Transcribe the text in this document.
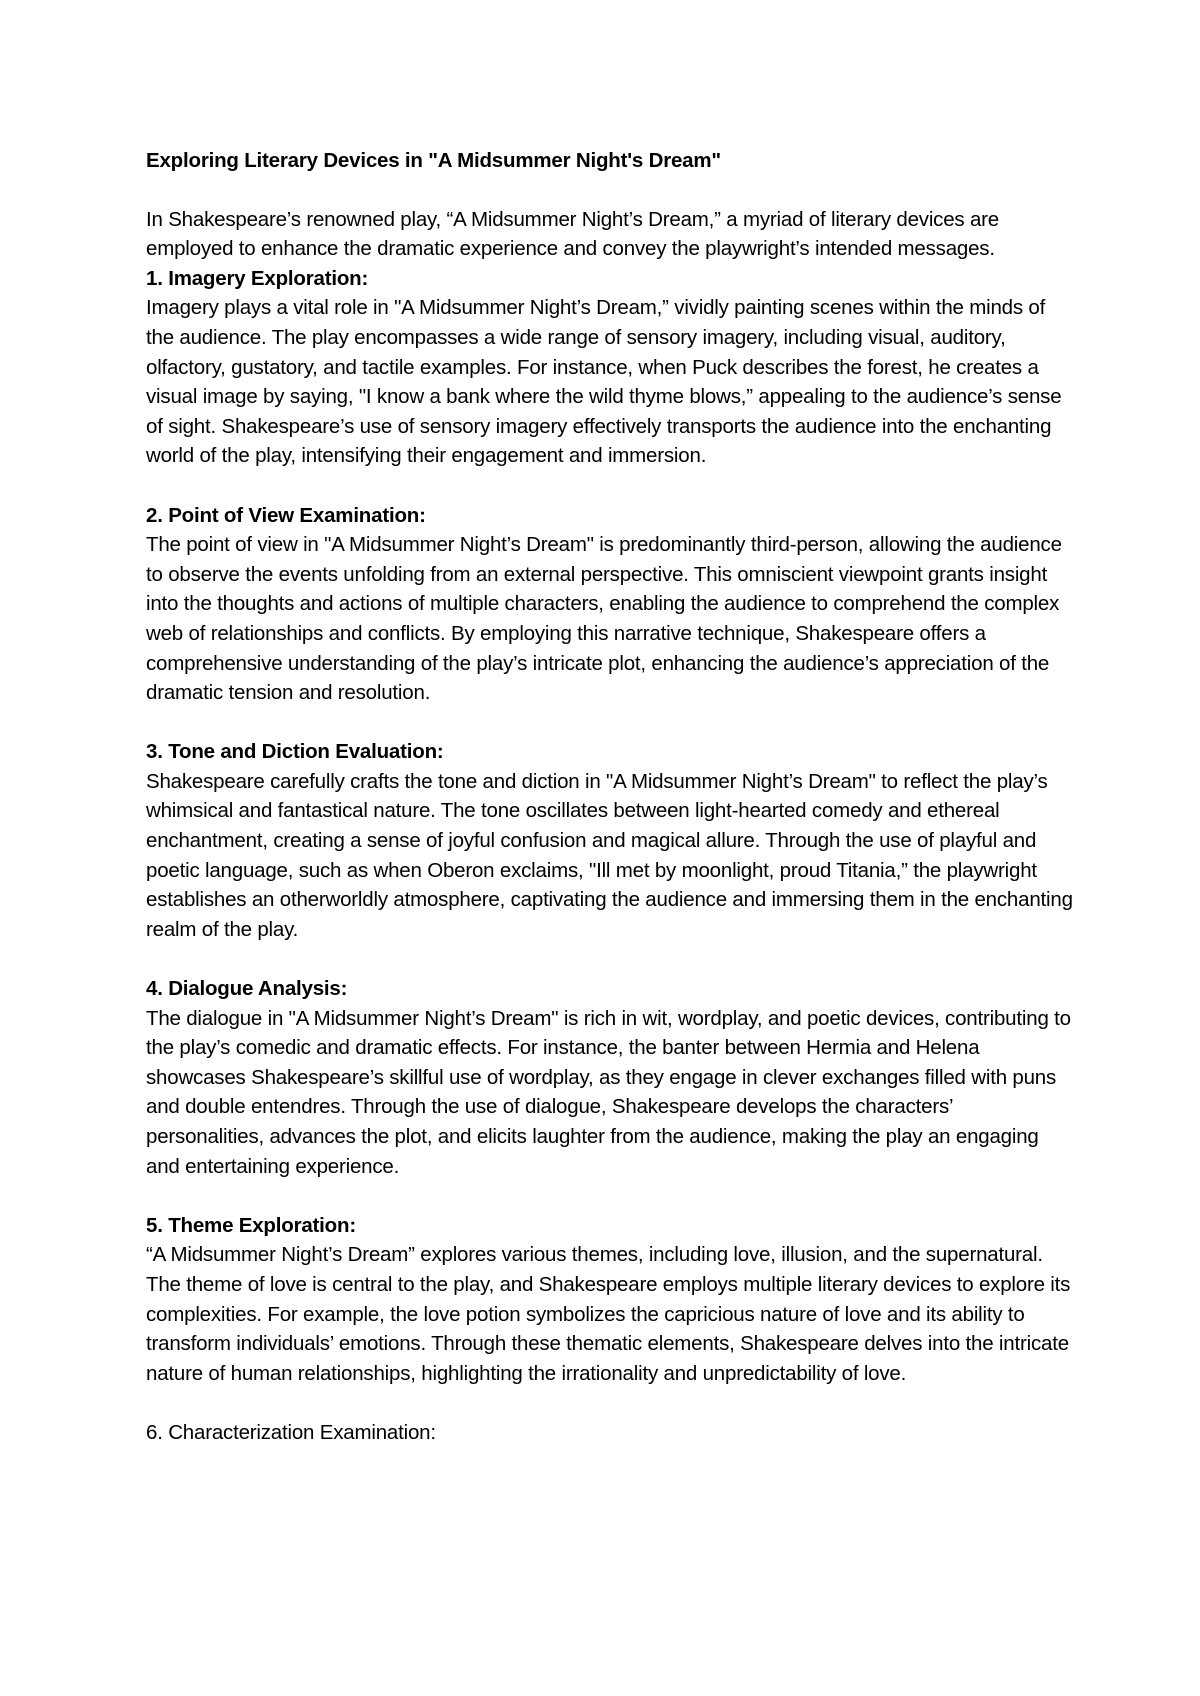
Exploring Literary Devices in "A Midsummer Night's Dream"

In Shakespeare’s renowned play, “A Midsummer Night’s Dream,” a myriad of literary devices are employed to enhance the dramatic experience and convey the playwright’s intended messages.

1. Imagery Exploration:

Imagery plays a vital role in "A Midsummer Night’s Dream,” vividly painting scenes within the minds of the audience. The play encompasses a wide range of sensory imagery, including visual, auditory, olfactory, gustatory, and tactile examples. For instance, when Puck describes the forest, he creates a visual image by saying, "I know a bank where the wild thyme blows,” appealing to the audience’s sense of sight. Shakespeare’s use of sensory imagery effectively transports the audience into the enchanting world of the play, intensifying their engagement and immersion.

2. Point of View Examination:

The point of view in "A Midsummer Night’s Dream" is predominantly third-person, allowing the audience to observe the events unfolding from an external perspective. This omniscient viewpoint grants insight into the thoughts and actions of multiple characters, enabling the audience to comprehend the complex web of relationships and conflicts. By employing this narrative technique, Shakespeare offers a comprehensive understanding of the play’s intricate plot, enhancing the audience’s appreciation of the dramatic tension and resolution.

3. Tone and Diction Evaluation:

Shakespeare carefully crafts the tone and diction in "A Midsummer Night’s Dream" to reflect the play’s whimsical and fantastical nature. The tone oscillates between light-hearted comedy and ethereal enchantment, creating a sense of joyful confusion and magical allure. Through the use of playful and poetic language, such as when Oberon exclaims, "Ill met by moonlight, proud Titania,” the playwright establishes an otherworldly atmosphere, captivating the audience and immersing them in the enchanting realm of the play.

4. Dialogue Analysis:

The dialogue in "A Midsummer Night’s Dream" is rich in wit, wordplay, and poetic devices, contributing to the play’s comedic and dramatic effects. For instance, the banter between Hermia and Helena showcases Shakespeare’s skillful use of wordplay, as they engage in clever exchanges filled with puns and double entendres. Through the use of dialogue, Shakespeare develops the characters’ personalities, advances the plot, and elicits laughter from the audience, making the play an engaging and entertaining experience.

5. Theme Exploration:

“A Midsummer Night’s Dream” explores various themes, including love, illusion, and the supernatural. The theme of love is central to the play, and Shakespeare employs multiple literary devices to explore its complexities. For example, the love potion symbolizes the capricious nature of love and its ability to transform individuals’ emotions. Through these thematic elements, Shakespeare delves into the intricate nature of human relationships, highlighting the irrationality and unpredictability of love.

6. Characterization Examination:
